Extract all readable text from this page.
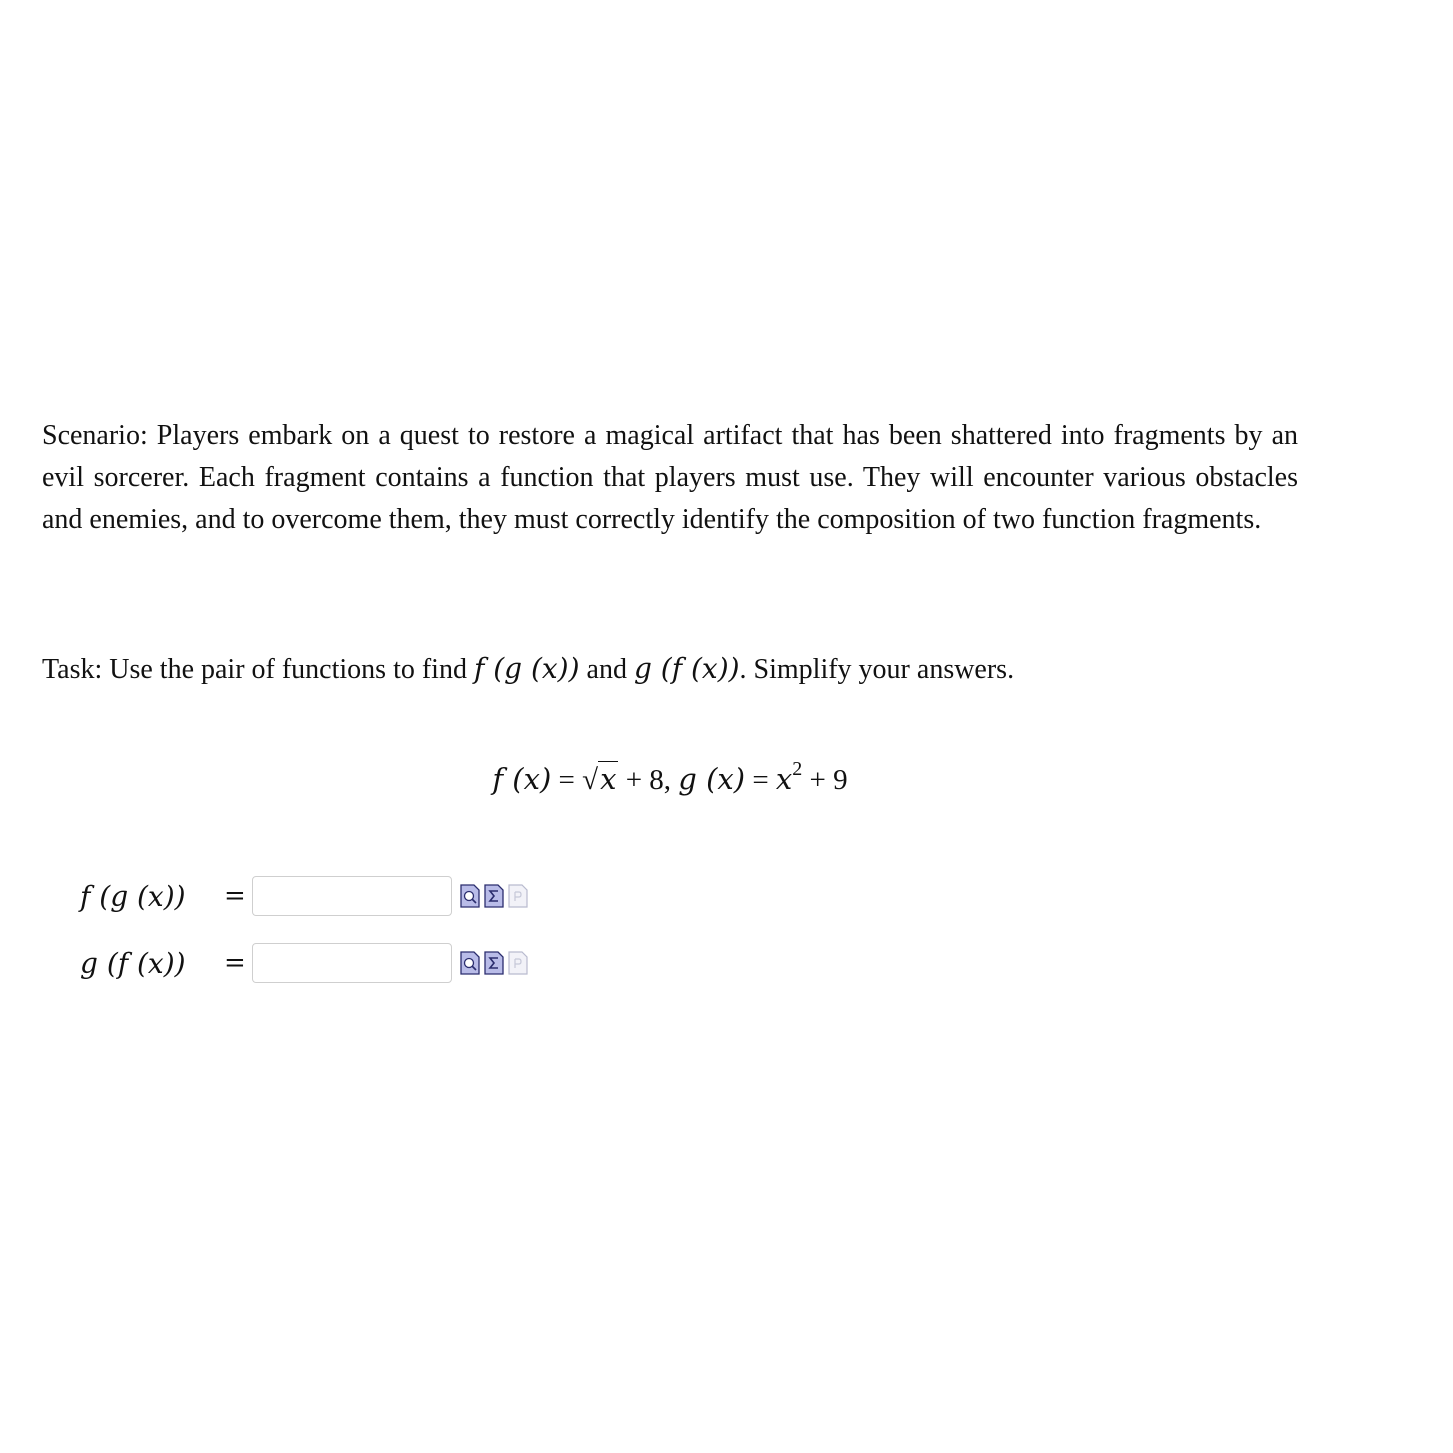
Scenario: Players embark on a quest to restore a magical artifact that has been shattered into fragments by an evil sorcerer. Each fragment contains a function that players must use. They will encounter various obstacles and enemies, and to overcome them, they must correctly identify the composition of two function fragments.

Task: Use the pair of functions to find f (g (x)) and g (f (x)). Simplify your answers.

f (x) = √x + 8, g $(x) = x^2 + 9$
f (g (x))	=
g (f (x))	=
